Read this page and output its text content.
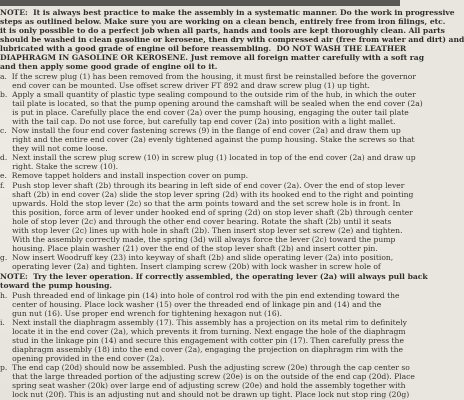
NOTE:  It is always best practice to make the assembly in a systematic manner. Do the work in progressive

steps as outlined below. Make sure you are working on a clean bench, entirely free from iron filings, etc.

it is only possible to do a perfect job when all parts, hands and tools are kept thoroughly clean. All parts

should be washed in clean gasoline or kerosene, then dry with compressed air (free from water and dirt) and

lubricated with a good grade of engine oil before reassembling.  DO NOT WASH THE LEATHER

DIAPHRAGM IN GASOLINE OR KEROSENE. Just remove all foreign matter carefully with a soft rag

and then apply some good grade of engine oil to it.

a.  If the screw plug (1) has been removed from the housing, it must first be reinstalled before the governor

end cover can be mounted. Use offset screw driver FT 892 and draw screw plug (1) up tight.

b.  Apply a small quantity of plastic type sealing compound to the outside rim of the hub, in which the outer

tail plate is located, so that the pump opening around the camshaft will be sealed when the end cover (2a)

is put in place. Carefully place the end cover (2a) over the pump housing, engaging the outer tail plate

with the tail cap. Do not use force, but carefully tap end cover (2a) into position with a light mallet.

c.  Now install the four end cover fastening screws (9) in the flange of end cover (2a) and draw them up

right and the entire end cover (2a) evenly tightened against the pump housing. Stake the screws so that

they will not come loose.

d.  Next install the screw plug screw (10) in screw plug (1) located in top of the end cover (2a) and draw up

right. Stake the screw (10).

e.  Remove tappet holders and install inspection cover on pump.

f.   Push stop lever shaft (2b) through its bearing in left side of end cover (2a). Over the end of stop lever

shaft (2b) in end cover (2a) slide the stop lever spring (2d) with its hooked end to the right and pointing

upwards. Hold the stop lever (2c) so that the arm points toward and the set screw hole is in front. In

this position, force arm of lever under hooked end of spring (2d) on stop lever shaft (2b) through center

hole of stop lever (2c) and through the other end cover bearing. Rotate the shaft (2b) until it seats

with stop lever (2c) lines up with hole in shaft (2b). Then insert stop lever set screw (2e) and tighten.

With the assembly correctly made, the spring (3d) will always force the lever (2c) toward the pump

housing. Place plain washer (21) over the end of the stop lever shaft (2b) and insert cotter pin.

g.  Now insert Woodruff key (23) into keyway of shaft (2b) and slide operating lever (2a) into position,

operating lever (2a) and tighten. Insert clamping screw (20b) with lock washer in screw hole of

NOTE:  Try the lever operation. If correctly assembled, the operating lever (2a) will always pull back

toward the pump housing.

h.  Push threaded end of linkage pin (14) into hole of control rod with the pin end extending toward the

center of housing. Place lock washer (15) over the threaded end of linkage pin and (14) and the

gun nut (16). Use proper end wrench for tightening hexagon nut (16).

i.   Next install the diaphragm assembly (17). This assembly has a projection on its metal rim to definitely

locate it in the end cover (2a), which prevents it from turning. Next engage the hole of the diaphragm

stud in the linkage pin (14) and secure this engagement with cotter pin (17). Then carefully press the

diaphragm assembly (18) into the end cover (2a), engaging the projection on diaphragm rim with the

opening provided in the end cover (2a).

p.  The end cap (20d) should now be assembled. Push the adjusting screw (20e) through the cap center so

that the large threaded portion of the adjusting screw (20e) is on the outside of the end cap (20d). Place

spring seat washer (20k) over large end of adjusting screw (20e) and hold the assembly together with

lock nut (20f). This is an adjusting nut and should not be drawn up tight. Place lock nut stop ring (20g)
